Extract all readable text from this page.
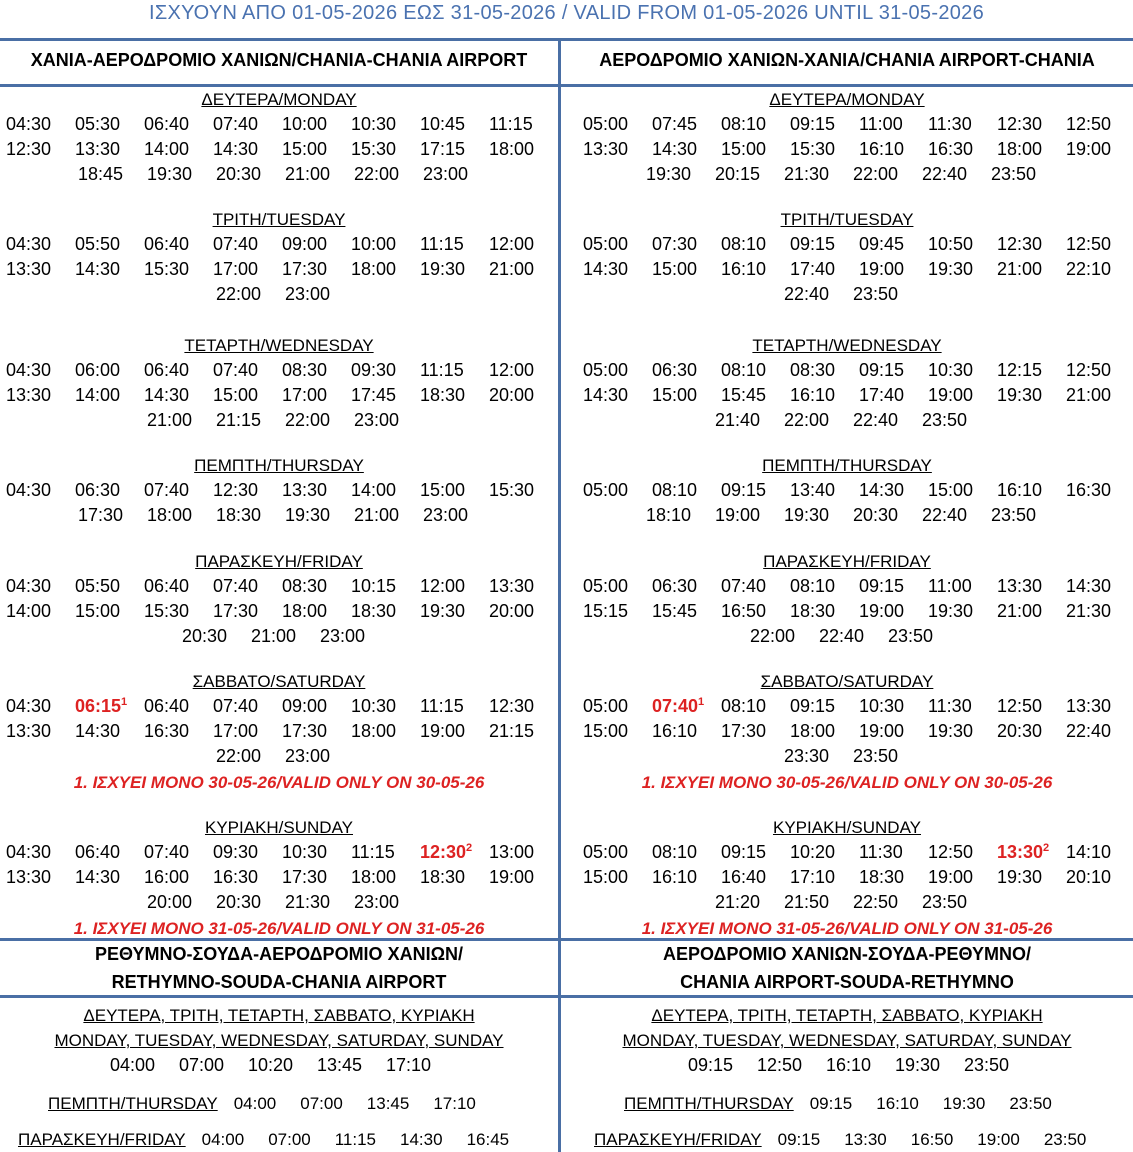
ΙΣΧΥΟΥΝ ΑΠΟ 01-05-2026 ΕΩΣ 31-05-2026 / VALID FROM 01-05-2026 UNTIL 31-05-2026
ΧΑΝΙΑ-ΑΕΡΟΔΡΟΜΙΟ ΧΑΝΙΩΝ/CHANIA-CHANIA AIRPORT	ΑΕΡΟΔΡΟΜΙΟ ΧΑΝΙΩΝ-ΧΑΝΙΑ/CHANIA AIRPORT-CHANIA
ΔΕΥΤΕΡΑ/MONDAY
04:30	05:30	06:40	07:40	10:00	10:30	10:45	11:15
12:30	13:30	14:00	14:30	15:00	15:30	17:15	18:00
18:45	19:30	20:30	21:00	22:00	23:00
ΤΡΙΤΗ/TUESDAY
04:30	05:50	06:40	07:40	09:00	10:00	11:15	12:00
13:30	14:30	15:30	17:00	17:30	18:00	19:30	21:00
22:00	23:00
ΤΕΤΑΡΤΗ/WEDNESDAY
04:30	06:00	06:40	07:40	08:30	09:30	11:15	12:00
13:30	14:00	14:30	15:00	17:00	17:45	18:30	20:00
21:00	21:15	22:00	23:00
ΠΕΜΠΤΗ/THURSDAY
04:30	06:30	07:40	12:30	13:30	14:00	15:00	15:30
17:30	18:00	18:30	19:30	21:00	23:00
ΠΑΡΑΣΚΕΥΗ/FRIDAY
04:30	05:50	06:40	07:40	08:30	10:15	12:00	13:30
14:00	15:00	15:30	17:30	18:00	18:30	19:30	20:00
20:30	21:00	23:00
ΣΑΒΒΑΤΟ/SATURDAY
04:30	$06:15^1$ 06:40	07:40	09:00	10:30	11:15	12:30
13:30	14:30	16:30	17:00	17:30	18:00	19:00	21:15
22:00	23:00
1. ΙΣΧΥΕΙ ΜΟΝΟ 30-05-26/VALID ONLY ON 30-05-26
ΚΥΡΙΑΚΗ/SUNDAY
04:30	06:40	07:40	09:30	10:30	11:15	$12:30^2$ 13:00
13:30	14:30	16:00	16:30	17:30	18:00	18:30	19:00
20:00	20:30	21:30	23:00
1. ΙΣΧΥΕΙ ΜΟΝΟ 31-05-26/VALID ONLY ON 31-05-26
ΔΕΥΤΕΡΑ/MONDAY
05:00	07:45	08:10	09:15	11:00	11:30	12:30	12:50
13:30	14:30	15:00	15:30	16:10	16:30	18:00	19:00
19:30	20:15	21:30	22:00	22:40	23:50
ΤΡΙΤΗ/TUESDAY
05:00	07:30	08:10	09:15	09:45	10:50	12:30	12:50
14:30	15:00	16:10	17:40	19:00	19:30	21:00	22:10
22:40	23:50
ΤΕΤΑΡΤΗ/WEDNESDAY
05:00	06:30	08:10	08:30	09:15	10:30	12:15	12:50
14:30	15:00	15:45	16:10	17:40	19:00	19:30	21:00
21:40	22:00	22:40	23:50
ΠΕΜΠΤΗ/THURSDAY
05:00	08:10	09:15	13:40	14:30	15:00	16:10	16:30
18:10	19:00	19:30	20:30	22:40	23:50
ΠΑΡΑΣΚΕΥΗ/FRIDAY
05:00	06:30	07:40	08:10	09:15	11:00	13:30	14:30
15:15	15:45	16:50	18:30	19:00	19:30	21:00	21:30
22:00	22:40	23:50
ΣΑΒΒΑΤΟ/SATURDAY
05:00	$07:40^1$ 08:10	09:15	10:30	11:30	12:50	13:30
15:00	16:10	17:30	18:00	19:00	19:30	20:30	22:40
23:30	23:50
1. ΙΣΧΥΕΙ ΜΟΝΟ 30-05-26/VALID ONLY ON 30-05-26
ΚΥΡΙΑΚΗ/SUNDAY
05:00	08:10	09:15	10:20	11:30	12:50	$13:30^2$ 14:10
15:00	16:10	16:40	17:10	18:30	19:00	19:30	20:10
21:20	21:50	22:50	23:50
1. ΙΣΧΥΕΙ ΜΟΝΟ 31-05-26/VALID ONLY ON 31-05-26
ΡΕΘΥΜΝΟ-ΣΟΥΔΑ-ΑΕΡΟΔΡΟΜΙΟ ΧΑΝΙΩΝ/
RETHYMNO-SOUDA-CHANIA AIRPORT
ΔΕΥΤΕΡΑ, ΤΡΙΤΗ, ΤΕΤΑΡΤΗ, ΣΑΒΒΑΤΟ, ΚΥΡΙΑΚΗ
MONDAY, TUESDAY, WEDNESDAY, SATURDAY, SUNDAY
04:00	07:00	10:20	13:45	17:10
ΠΕΜΠΤΗ/THURSDAY 04:00 07:00 13:45 17:10
ΠΑΡΑΣΚΕΥΗ/FRIDAY 04:00 07:00 11:15 14:30 16:45
ΑΕΡΟΔΡΟΜΙΟ ΧΑΝΙΩΝ-ΣΟΥΔΑ-ΡΕΘΥΜΝΟ/
CHANIA AIRPORT-SOUDA-RETHYMNO
ΔΕΥΤΕΡΑ, ΤΡΙΤΗ, ΤΕΤΑΡΤΗ, ΣΑΒΒΑΤΟ, ΚΥΡΙΑΚΗ
MONDAY, TUESDAY, WEDNESDAY, SATURDAY, SUNDAY
09:15	12:50	16:10	19:30	23:50
ΠΕΜΠΤΗ/THURSDAY 09:15 16:10 19:30 23:50
ΠΑΡΑΣΚΕΥΗ/FRIDAY 09:15 13:30 16:50 19:00 23:50
